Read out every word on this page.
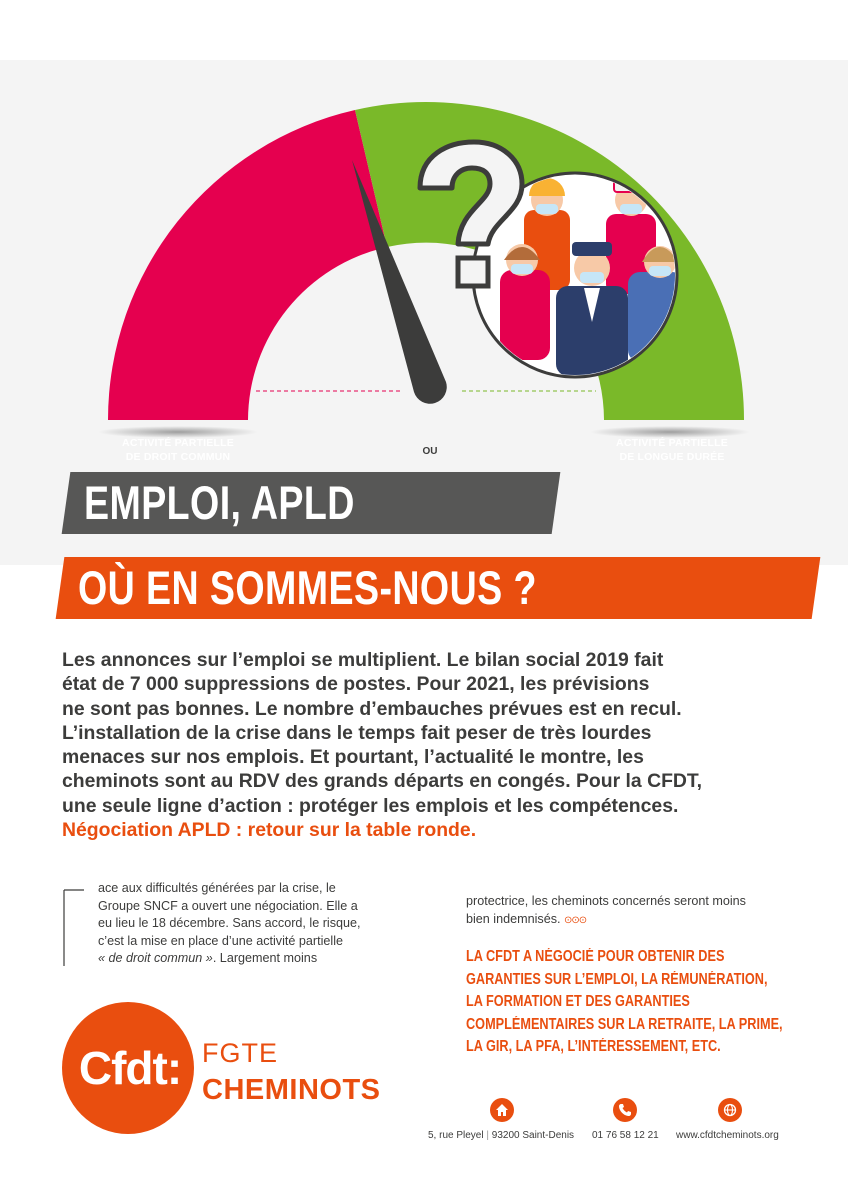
ACTIVITÉ PARTIELLE
DE DROIT COMMUN	OU
ACTIVITÉ PARTIELLE
DE LONGUE DURÉE
EMPLOI, APLD
OÙ EN SOMMES-NOUS ?
Les annonces sur l’emploi se multiplient. Le bilan social 2019 fait
état de 7 000 suppressions de postes. Pour 2021, les prévisions
ne sont pas bonnes. Le nombre d’embauches prévues est en recul.
L’installation de la crise dans le temps fait peser de très lourdes
menaces sur nos emplois. Et pourtant, l’actualité le montre, les
cheminots sont au RDV des grands départs en congés. Pour la CFDT,
une seule ligne d’action : protéger les emplois et les compétences.
Négociation APLD : retour sur la table ronde.
ace aux difficultés générées par la crise, le
Groupe SNCF a ouvert une négociation. Elle a
eu lieu le 18 décembre. Sans accord, le risque,
c’est la mise en place d’une activité partielle
« de droit commun ». Largement moins
protectrice, les cheminots concernés seront moins
bien indemnisés. ⊙⊙⊙
LA CFDT A NÉGOCIÉ POUR OBTENIR DES
GARANTIES SUR L’EMPLOI, LA RÉMUNÉRATION,
LA FORMATION ET DES GARANTIES
COMPLÉMENTAIRES SUR LA RETRAITE, LA PRIME,
LA GIR, LA PFA, L’INTÉRESSEMENT, ETC.
Cfdt: FGTE
CHEMINOTS
5, rue Pleyel | 93200 Saint-Denis 01 76 58 12 21 www.cfdtcheminots.org
